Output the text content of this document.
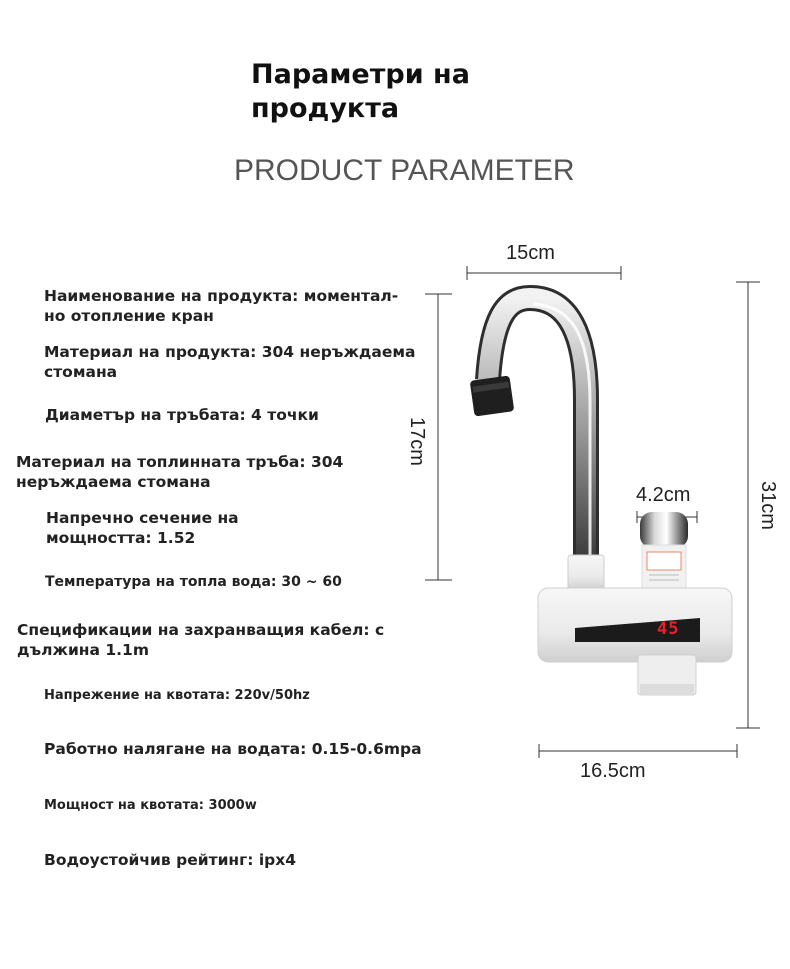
Параметри на
продукта
PRODUCT PARAMETER
Наименование на продукта: моментал-
но отопление кран
Материал на продукта: 304 неръждаема
стомана
Диаметър на тръбата: 4 точки
Материал на топлинната тръба: 304
неръждаема стомана
Напречно сечение на
мощността: 1.52
Температура на топла вода: 30 ~ 60
Спецификации на захранващия кабел: с
дължина 1.1m
Напрежение на квотата: 220v/50hz
Работно налягане на водата: 0.15-0.6mpa
Мощност на квотата: 3000w
Водоустойчив рейтинг: ipx4
45
15cm
17cm
31cm
4.2cm
16.5cm
